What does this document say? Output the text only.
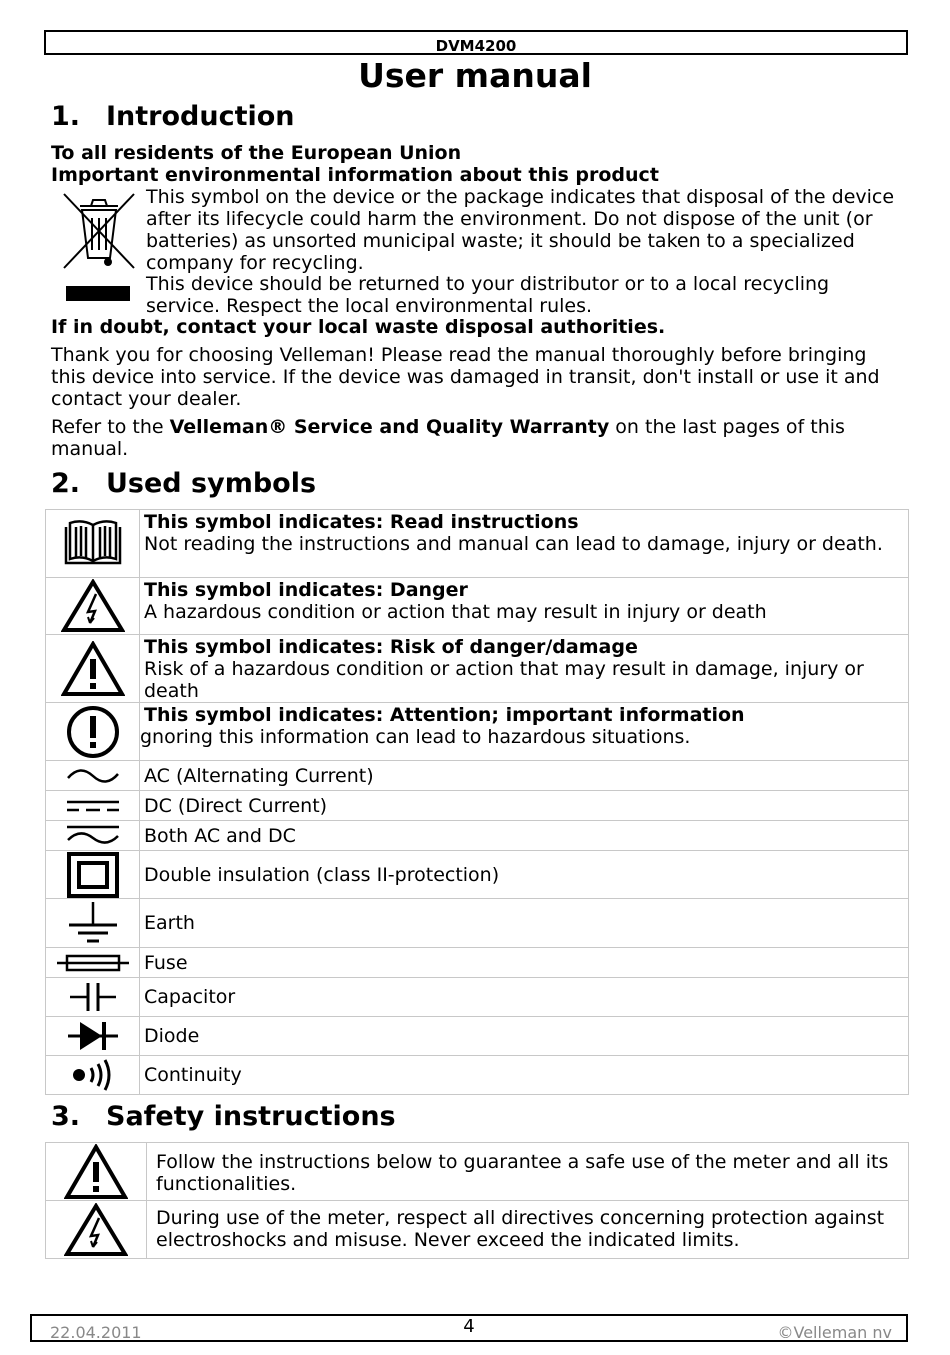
DVM4200
User manual
1. Introduction
To all residents of the European Union
Important environmental information about this product
This symbol on the device or the package indicates that disposal of the device after its lifecycle could harm the environment. Do not dispose of the unit (or batteries) as unsorted municipal waste; it should be taken to a specialized company for recycling.
This device should be returned to your distributor or to a local recycling service. Respect the local environmental rules.
If in doubt, contact your local waste disposal authorities.
Thank you for choosing Velleman! Please read the manual thoroughly before bringing this device into service. If the device was damaged in transit, don't install or use it and contact your dealer.
Refer to the Velleman® Service and Quality Warranty on the last pages of this manual.
2. Used symbols

This symbol indicates: Read instructions
Not reading the instructions and manual can lead to damage, injury or death.

This symbol indicates: Danger
A hazardous condition or action that may result in injury or death

This symbol indicates: Risk of danger/damage
Risk of a hazardous condition or action that may result in damage, injury or death

This symbol indicates: Attention; important information
gnoring this information can lead to hazardous situations.

	AC (Alternating Current)

	DC (Direct Current)

	Both AC and DC

	Double insulation (class II-protection)

	Earth

	Fuse

	Capacitor

	Diode

	Continuity
3. Safety instructions
	Follow the instructions below to guarantee a safe use of the meter and all its functionalities.

	During use of the meter, respect all directives concerning protection against electroshocks and misuse. Never exceed the indicated limits.
22.04.2011	4	©Velleman nv
